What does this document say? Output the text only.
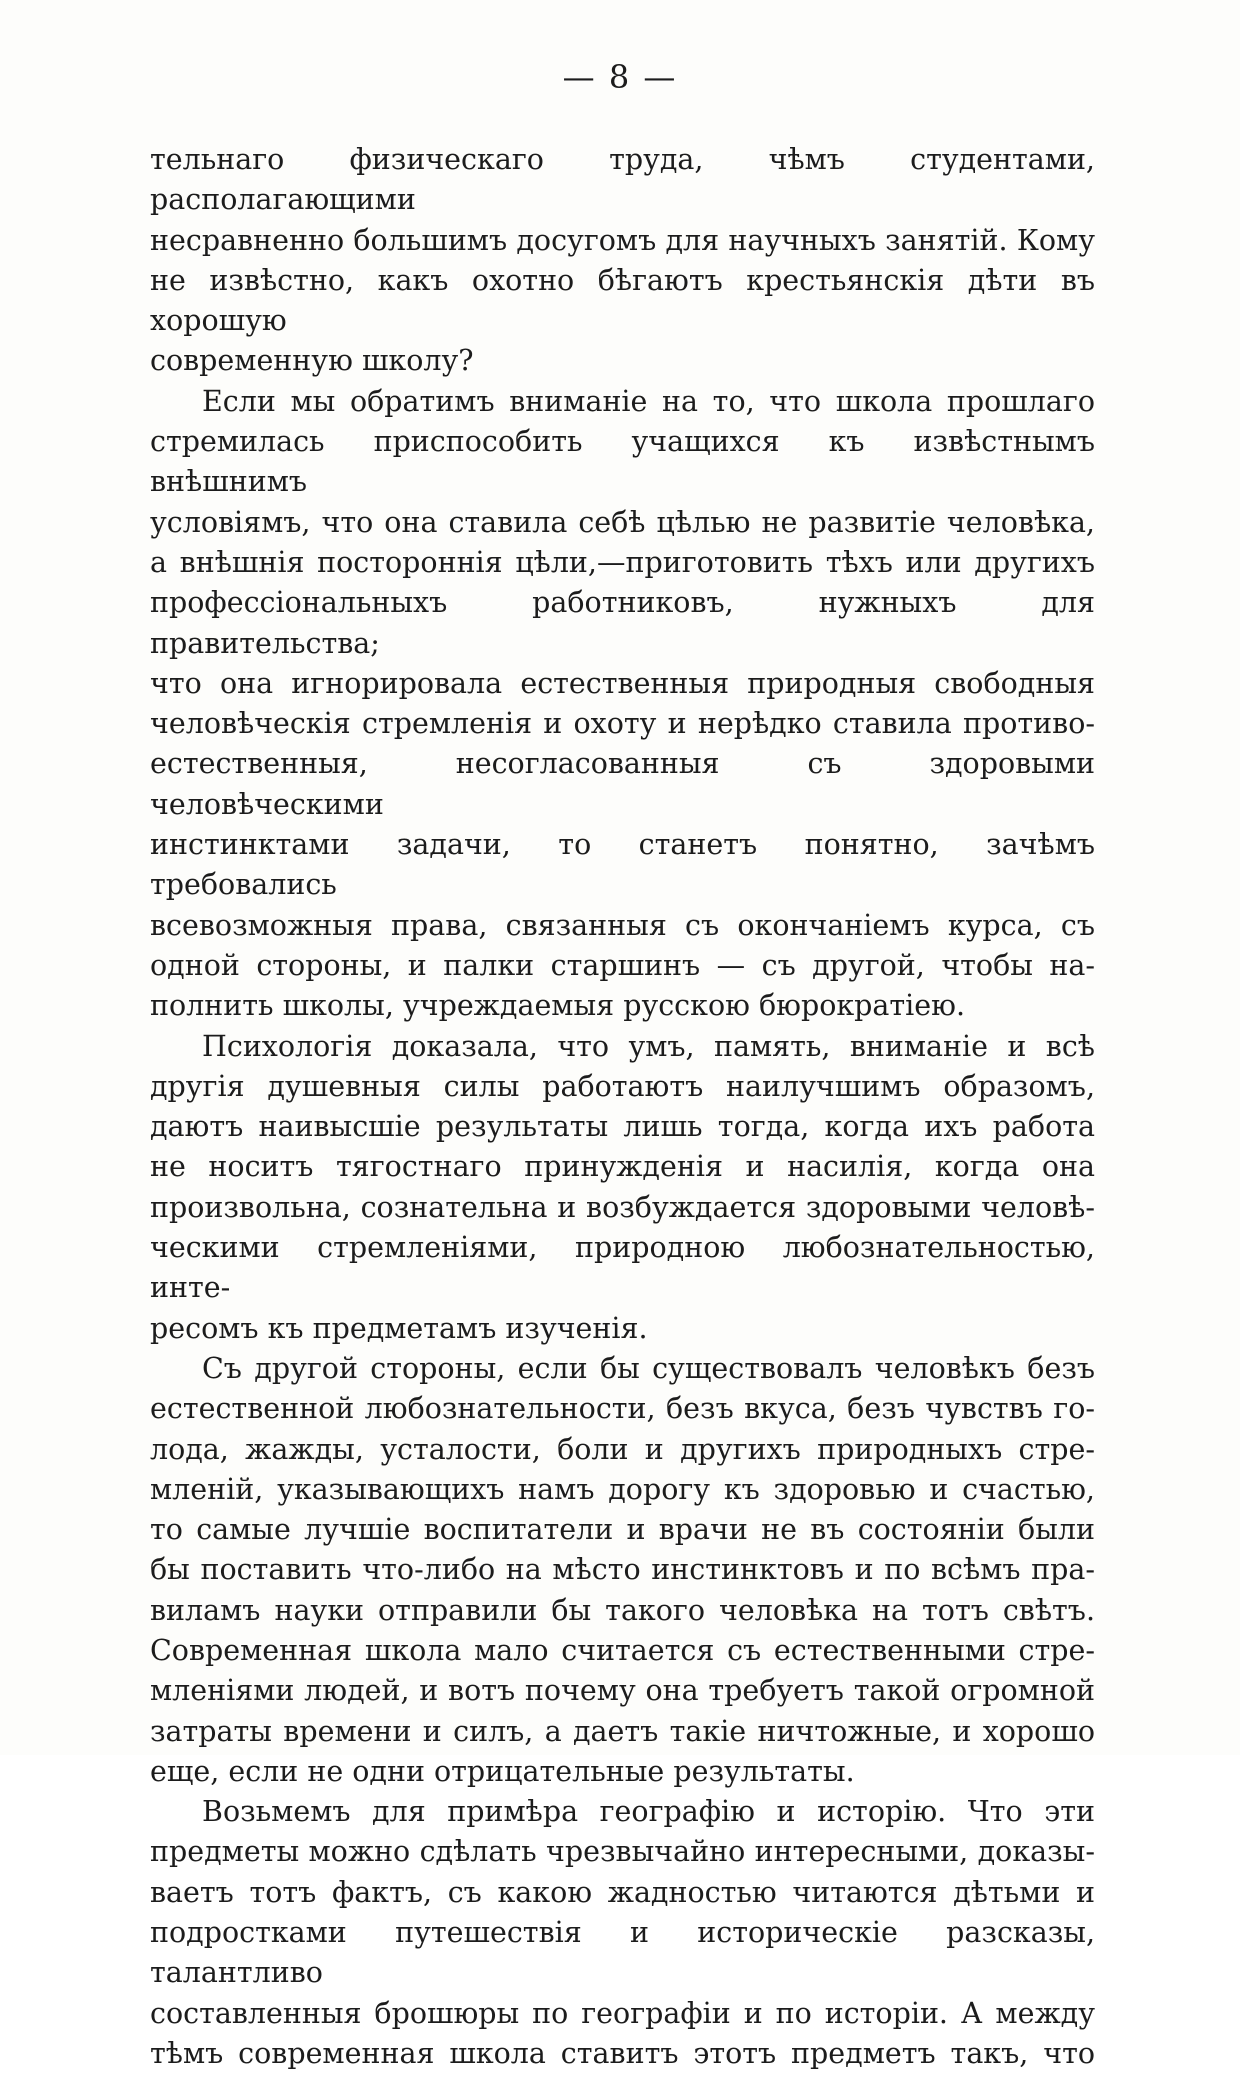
— 8 —

тельнаго физическаго труда, чѣмъ студентами, располагающими

несравненно большимъ досугомъ для научныхъ занятій. Кому

не извѣстно, какъ охотно бѣгаютъ крестьянскія дѣти въ хорошую

современную школу?

Если мы обратимъ вниманіе на то, что школа прошлаго

стремилась приспособить учащихся къ извѣстнымъ внѣшнимъ

условіямъ, что она ставила себѣ цѣлью не развитіе человѣка,

а внѣшнія постороннія цѣли,—приготовить тѣхъ или другихъ

профессіональныхъ работниковъ, нужныхъ для правительства;

что она игнорировала естественныя природныя свободныя

человѣческія стремленія и охоту и нерѣдко ставила противо-

естественныя, несогласованныя съ здоровыми человѣческими

инстинктами задачи, то станетъ понятно, зачѣмъ требовались

всевозможныя права, связанныя съ окончаніемъ курса, съ

одной стороны, и палки старшинъ — съ другой, чтобы на-

полнить школы, учреждаемыя русскою бюрократіею.

Психологія доказала, что умъ, память, вниманіе и всѣ

другія душевныя силы работаютъ наилучшимъ образомъ,

даютъ наивысшіе результаты лишь тогда, когда ихъ работа

не носитъ тягостнаго принужденія и насилія, когда она

произвольна, сознательна и возбуждается здоровыми человѣ-

ческими стремленіями, природною любознательностью, инте-

ресомъ къ предметамъ изученія.

Съ другой стороны, если бы существовалъ человѣкъ безъ

естественной любознательности, безъ вкуса, безъ чувствъ го-

лода, жажды, усталости, боли и другихъ природныхъ стре-

мленій, указывающихъ намъ дорогу къ здоровью и счастью,

то самые лучшіе воспитатели и врачи не въ состояніи были

бы поставить что-либо на мѣсто инстинктовъ и по всѣмъ пра-

виламъ науки отправили бы такого человѣка на тотъ свѣтъ.

Современная школа мало считается съ естественными стре-

мленіями людей, и вотъ почему она требуетъ такой огромной

затраты времени и силъ, а даетъ такіе ничтожные, и хорошо

еще, если не одни отрицательные результаты.

Возьмемъ для примѣра географію и исторію. Что эти

предметы можно сдѣлать чрезвычайно интересными, доказы-

ваетъ тотъ фактъ, съ какою жадностью читаются дѣтьми и

подростками путешествія и историческіе разсказы, талантливо

составленныя брошюры по географіи и по исторіи. А между

тѣмъ современная школа ставитъ этотъ предметъ такъ, что
